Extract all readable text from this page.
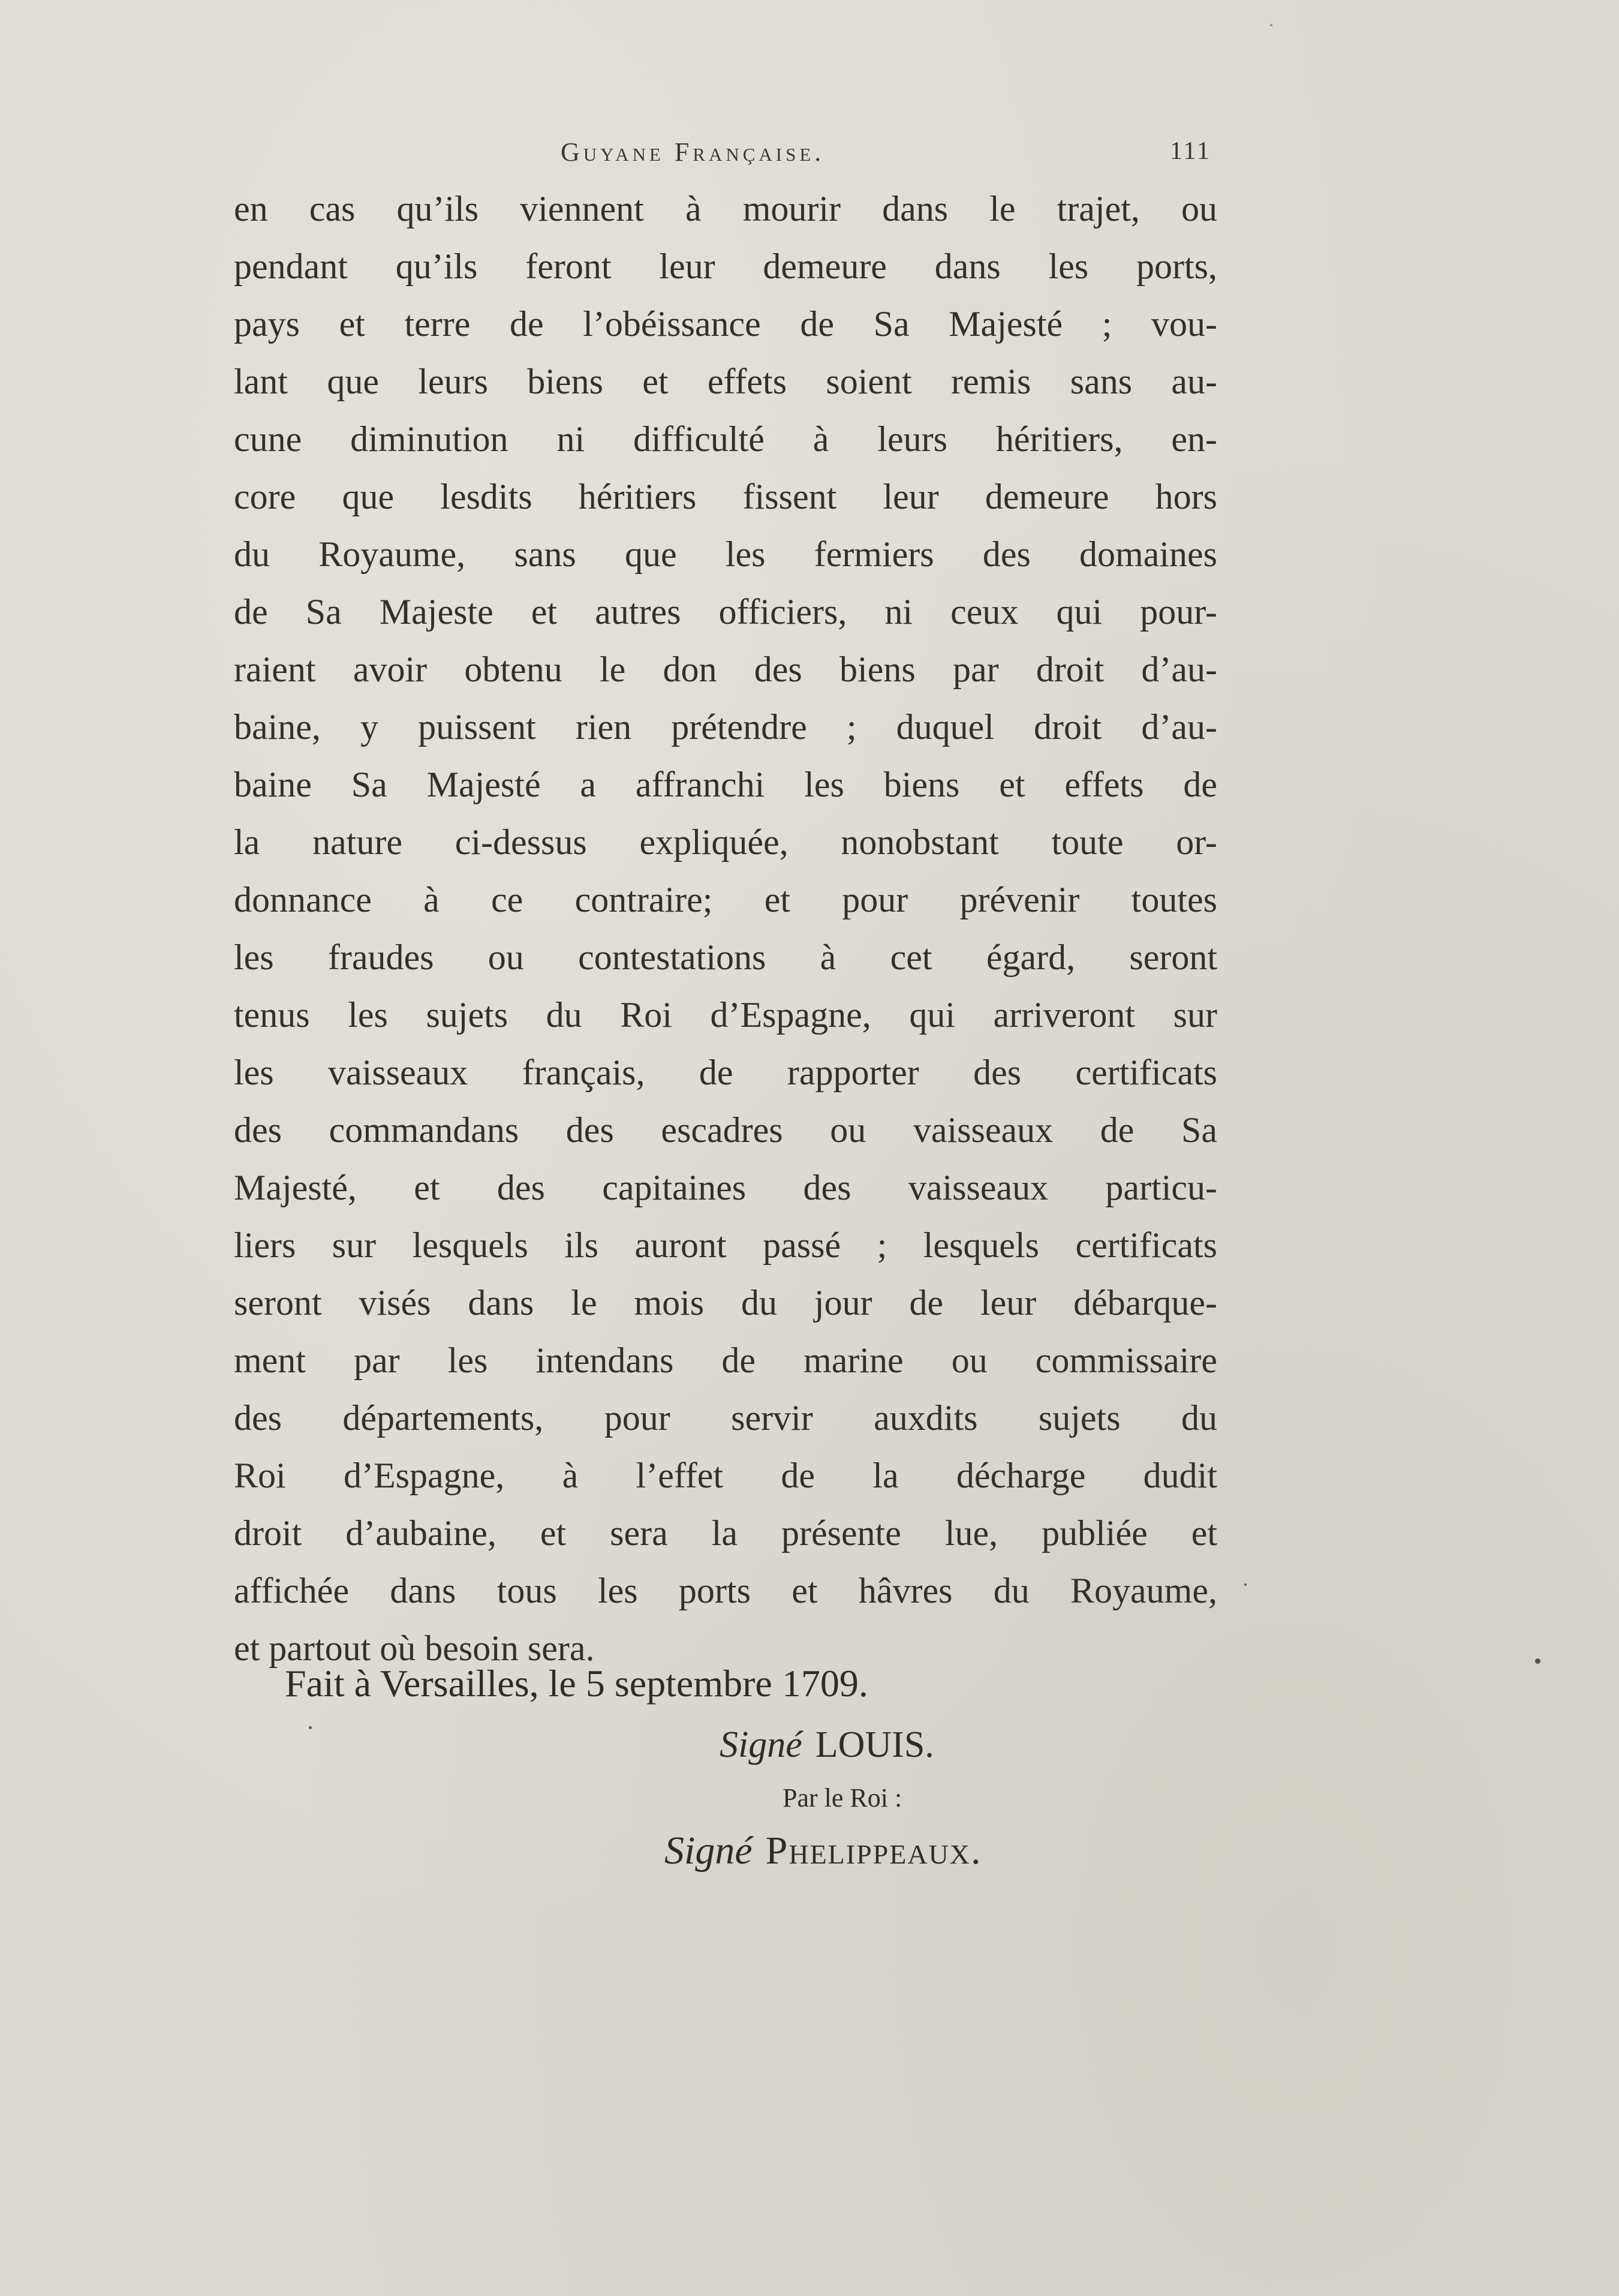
Guyane Française.	111
en cas qu’ils viennent à mourir dans le trajet, ou
pendant qu’ils feront leur demeure dans les ports,
pays et terre de l’obéissance de Sa Majesté ; vou-
lant que leurs biens et effets soient remis sans au-
cune diminution ni difficulté à leurs héritiers, en-
core que lesdits héritiers fissent leur demeure hors
du Royaume, sans que les fermiers des domaines
de Sa Majeste et autres officiers, ni ceux qui pour-
raient avoir obtenu le don des biens par droit d’au-
baine, y puissent rien prétendre ; duquel droit d’au-
baine Sa Majesté a affranchi les biens et effets de
la nature ci-dessus expliquée, nonobstant toute or-
donnance à ce contraire; et pour prévenir toutes
les fraudes ou contestations à cet égard, seront
tenus les sujets du Roi d’Espagne, qui arriveront sur
les vaisseaux français, de rapporter des certificats
des commandans des escadres ou vaisseaux de Sa
Majesté, et des capitaines des vaisseaux particu-
liers sur lesquels ils auront passé ; lesquels certificats
seront visés dans le mois du jour de leur débarque-
ment par les intendans de marine ou commissaire
des départements, pour servir auxdits sujets du
Roi d’Espagne, à l’effet de la décharge dudit
droit d’aubaine, et sera la présente lue, publiée et
affichée dans tous les ports et hâvres du Royaume,
et partout où besoin sera.
Fait à Versailles, le 5 septembre 1709.
Signé LOUIS.
Par le Roi :
Signé Phelippeaux.
